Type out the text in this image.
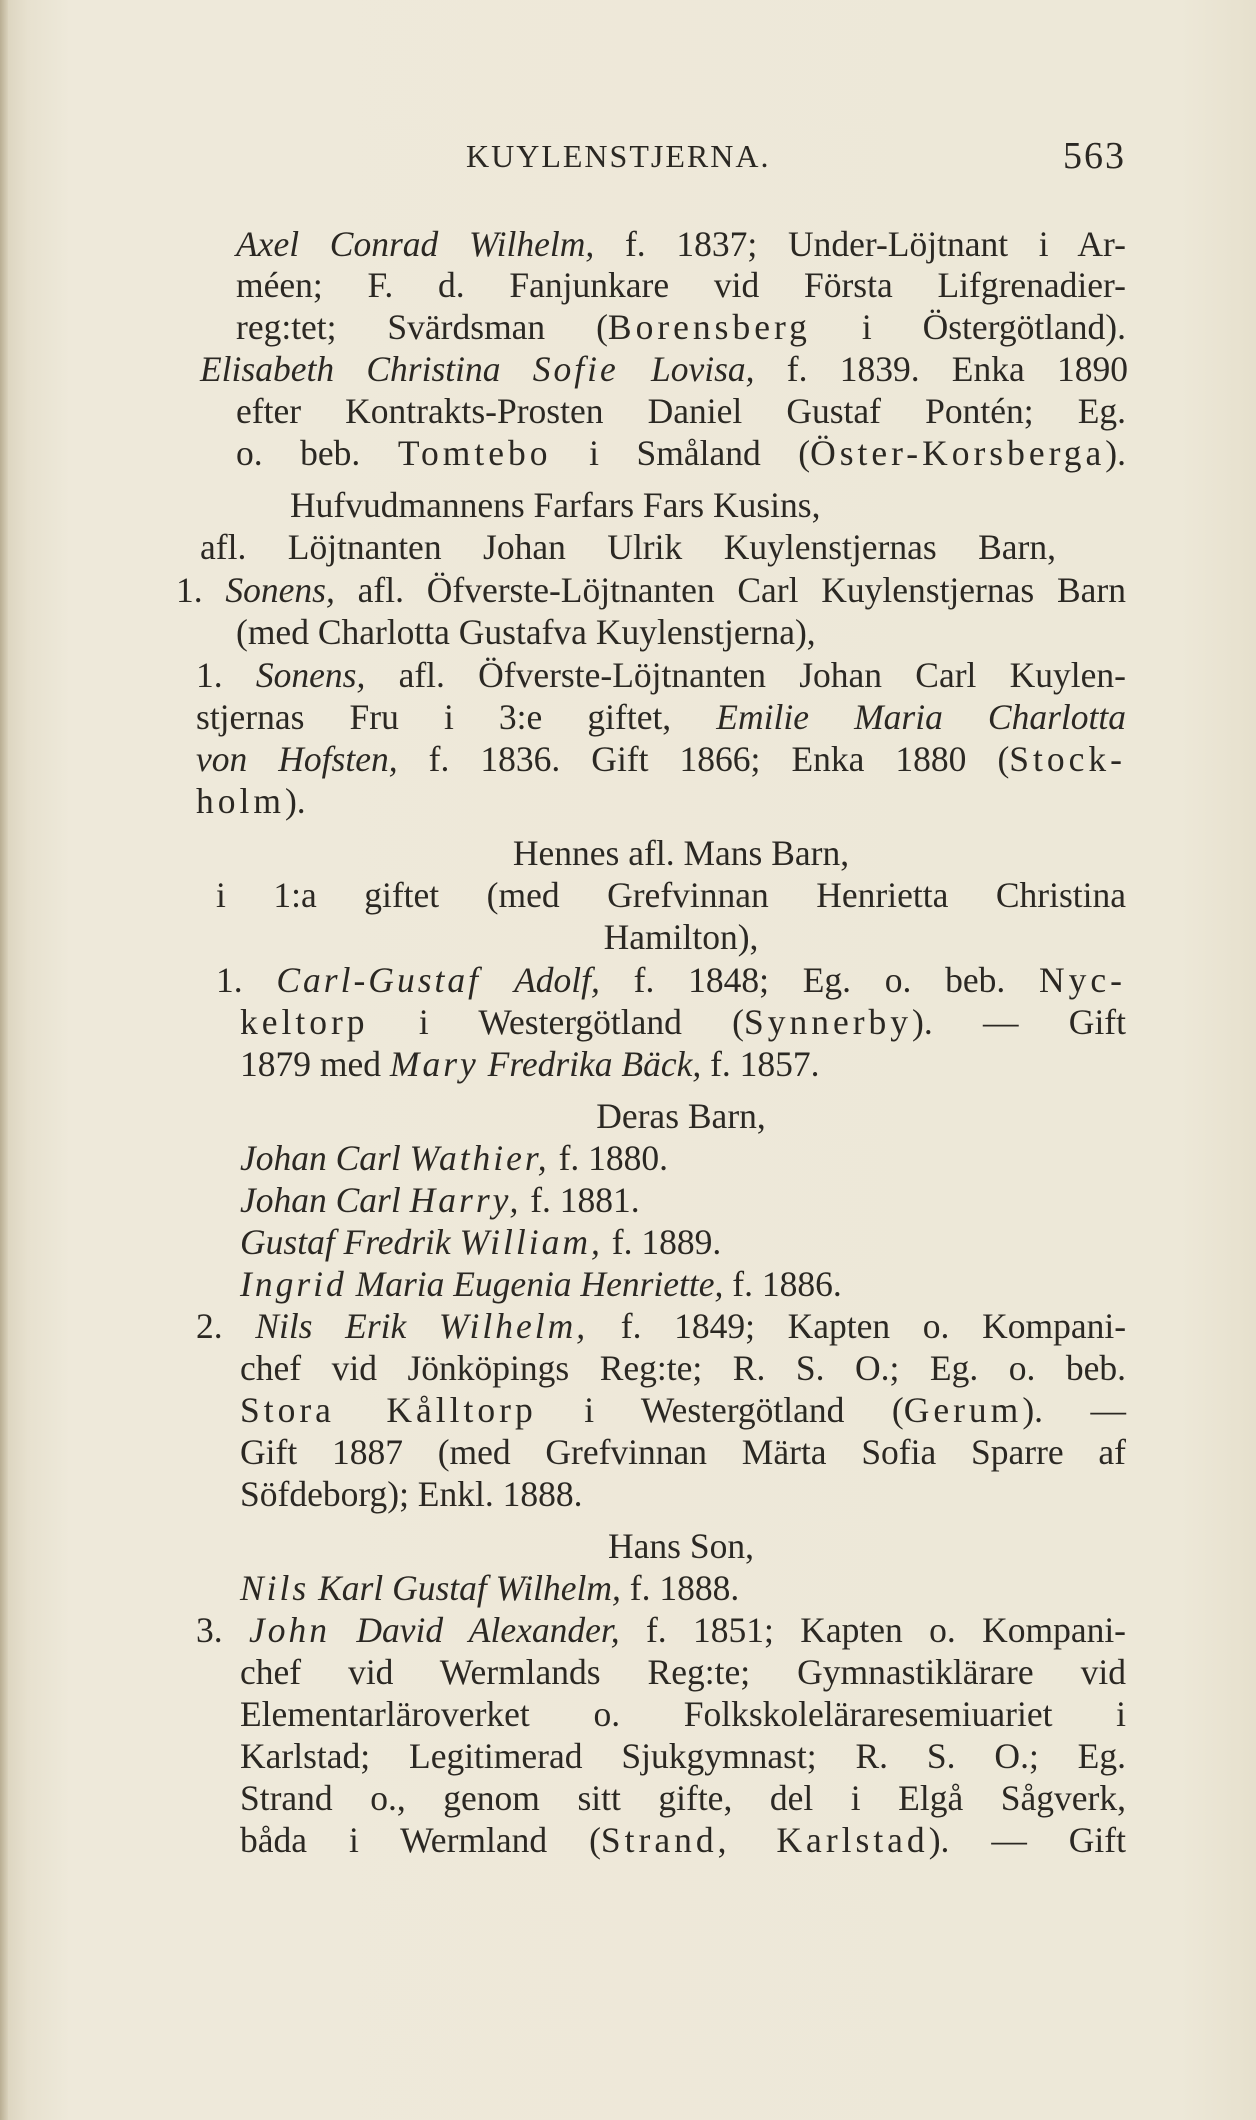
KUYLENSTJERNA.	563
Axel Conrad Wilhelm, f. 1837; Under-Löjtnant i Ar-
méen; F. d. Fanjunkare vid Första Lifgrenadier-
reg:tet; Svärdsman (Borensberg i Östergötland).
Elisabeth Christina Sofie Lovisa, f. 1839. Enka 1890
efter Kontrakts-Prosten Daniel Gustaf Pontén; Eg.
o. beb. Tomtebo i Småland (Öster-Korsberga).
Hufvudmannens Farfars Fars Kusins,
afl. Löjtnanten Johan Ulrik Kuylenstjernas Barn,
1. Sonens, afl. Öfverste-Löjtnanten Carl Kuylenstjernas Barn
(med Charlotta Gustafva Kuylenstjerna),
1. Sonens, afl. Öfverste-Löjtnanten Johan Carl Kuylen-
stjernas Fru i 3:e giftet, Emilie Maria Charlotta
von Hofsten, f. 1836. Gift 1866; Enka 1880 (Stock-
holm).
Hennes afl. Mans Barn,
i 1:a giftet (med Grefvinnan Henrietta Christina
Hamilton),
1. Carl-Gustaf Adolf, f. 1848; Eg. o. beb. Nyc-
keltorp i Westergötland (Synnerby). — Gift
1879 med Mary Fredrika Bäck, f. 1857.
Deras Barn,
Johan Carl Wathier, f. 1880.
Johan Carl Harry, f. 1881.
Gustaf Fredrik William, f. 1889.
Ingrid Maria Eugenia Henriette, f. 1886.
2. Nils Erik Wilhelm, f. 1849; Kapten o. Kompani-
chef vid Jönköpings Reg:te; R. S. O.; Eg. o. beb.
Stora Kålltorp i Westergötland (Gerum). —
Gift 1887 (med Grefvinnan Märta Sofia Sparre af
Söfdeborg); Enkl. 1888.
Hans Son,
Nils Karl Gustaf Wilhelm, f. 1888.
3. John David Alexander, f. 1851; Kapten o. Kompani-
chef vid Wermlands Reg:te; Gymnastiklärare vid
Elementarläroverket o. Folkskoleläraresemiuariet i
Karlstad; Legitimerad Sjukgymnast; R. S. O.; Eg.
Strand o., genom sitt gifte, del i Elgå Sågverk,
båda i Wermland (Strand, Karlstad). — Gift
